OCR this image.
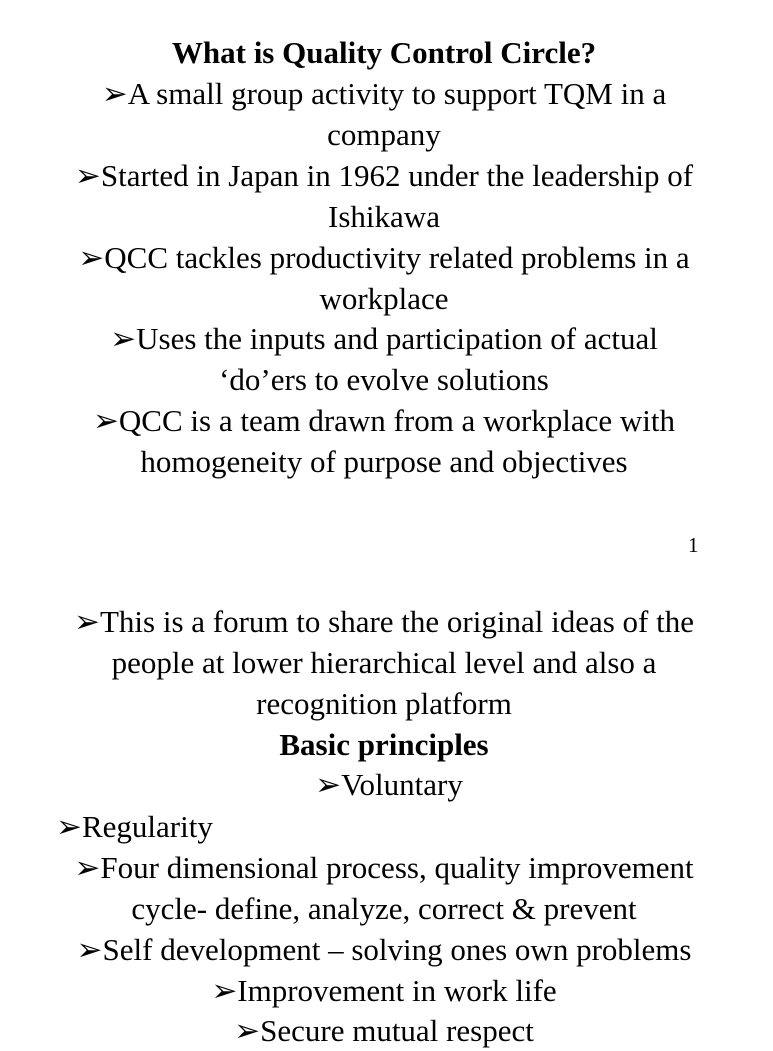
What is Quality Control Circle?
➢A small group activity to support TQM in a
company
➢Started in Japan in 1962 under the leadership of
Ishikawa
➢QCC tackles productivity related problems in a
workplace
➢Uses the inputs and participation of actual
‘do’ers to evolve solutions
➢QCC is a team drawn from a workplace with
homogeneity of purpose and objectives
1
➢This is a forum to share the original ideas of the
people at lower hierarchical level and also a
recognition platform
Basic principles
➢Voluntary
➢Regularity
➢Four dimensional process, quality improvement
cycle- define, analyze, correct & prevent
➢Self development – solving ones own problems
➢Improvement in work life
➢Secure mutual respect
